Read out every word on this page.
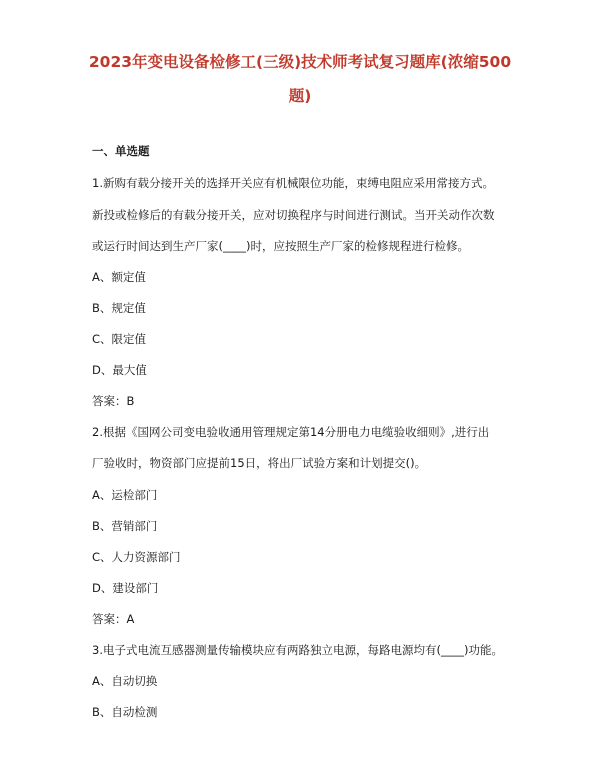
2023年变电设备检修工(三级)技术师考试复习题库(浓缩500
题)
一、单选题
1.新购有载分接开关的选择开关应有机械限位功能，束缚电阻应采用常接方式。
新投或检修后的有载分接开关，应对切换程序与时间进行测试。当开关动作次数
或运行时间达到生产厂家(____)时，应按照生产厂家的检修规程进行检修。
A、额定值
B、规定值
C、限定值
D、最大值
答案：B
2.根据《国网公司变电验收通用管理规定第14分册电力电缆验收细则》,进行出
厂验收时，物资部门应提前15日，将出厂试验方案和计划提交()。
A、运检部门
B、营销部门
C、人力资源部门
D、建设部门
答案：A
3.电子式电流互感器测量传输模块应有两路独立电源，每路电源均有(____)功能。
A、自动切换
B、自动检测
